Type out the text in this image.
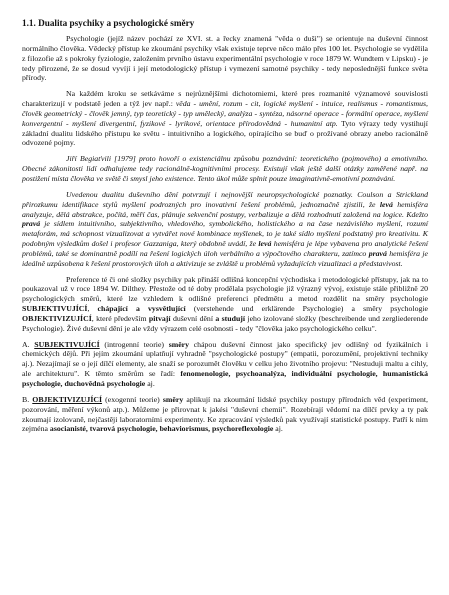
1.1. Dualita psychiky a psychologické směry

Psychologie (jejíž název pochází ze XVI. st. a řecky znamená "věda o duši") se orientuje na duševní činnost normálního člověka. Vědecký přístup ke zkoumání psychiky však existuje teprve něco málo přes 100 let. Psychologie se vydělila z filozofie až s pokroky fyziologie, založením prvního ústavu experimentální psychologie v roce 1879 W. Wundtem v Lipsku) - je tedy přirozené, že se dosud vyvíjí i její metodologický přístup i vymezení samotné psychiky - tedy neposlednější funkce světa přírody.

Na každém kroku se setkáváme s nejrůznějšími dichotomiemi, které pres rozmanité významové souvislosti charakterizují v podstatě jeden a týž jev např.: věda - umění, rozum - cit, logické myšlení - intuice, realismus - romantismus, člověk geometrický - člověk jemný, typ teoretický - typ umělecký, analýza - syntéza, násorné operace - formální operace, myšlení konvergentní - myšlení divergentní, fyzikové - lyrikové, orientace přírodovědná - humanitní atp. Tyto výrazy tedy vystihují základní dualitu lidského přístupu ke světu - intuitivního a logického, opírajícího se buď o prožívané obrazy anebo racionálně odvozené pojmy.

Jiří Begiaťvili [1979] proto hovoří o existenciálnu způsobu poznávání: teoretického (pojmového) a emotivního. Obecné zákonitosti lidí odhalujeme tedy racionálně-kognitivními procesy. Existují však ještě další otázky zaměřené např. na postižení místa člověka ve světě či smysl jeho existence. Tento úkol může splnit pouze imaginativně-emotivní poznávání.

Uvedenou dualitu duševního dění potvrzují i nejnovější neuropsychologické poznatky. Coulson a Strickland přirozkumu identifikace stylů myšlení podrozných pro inovativní řešení problémů, jednoznačně zjistili, že levá hemisféra analyzuje, dělá abstrakce, počítá, měří čas, plánuje sekvenční postupy, verbalizuje a dělá rozhodnutí založená na logice. Kdežto pravá je sídlem intuitivního, subjektivního, vhledového, symbolického, holistického a na čase nezávislého myšlení, rozumí metaforám, má schopnost vizualizovat a vytvářet nové kombinace myšlenek, to je také sídlo myšlení podstatný pro kreativitu. K podobným výsledkům došel i profesor Gazzaniga, který obdobně uvádí, že levá hemisféra je lépe vybavena pro analytické řešení problémů, také se dominantně podílí na řešení logických úloh verbálního a výpočtového charakteru, zatímco pravá hemisféra je ideálně uzpůsobena k řešení prostorových úloh a aktivizuje se zvláště u problémů vyžadujících vizualizaci a představivost.

Preference té či oné složky psychiky pak přináší odlišná koncepční východiska i metodologické přístupy, jak na to poukazoval už v roce 1894 W. Dilthey. Přestože od té doby prodělala psychologie již výrazný vývoj, existuje stále přibližně 20 psychologických směrů, které lze vzhledem k odlišné preferenci předmětu a metod rozdělit na směry psychologie SUBJEKTIVUJÍCÍ, chápající a vysvětlující (verstehende und erklärende Psychologie) a směry psychologie OBJEKTIVIZUJÍCÍ, které především pitvají duševní dění a studují jeho izolované složky (beschreibende und zergliederende Psychologie). Živé duševní dění je ale vždy výrazem celé osobnosti - tedy "člověka jako psychologického celku".

A. SUBJEKTIVUJÍCÍ (introgenní teorie) směry chápou duševní činnost jako specifický jev odlišný od fyzikálních i chemických dějů. Při jejím zkoumání uplatňují vyhradně "psychologické postupy" (empatii, porozumění, projektivní techniky aj.). Nezajímají se o její dílčí elementy, ale snaží se porozumět člověku v celku jeho životního projevu: "Nestuduji maltu a cihly, ale architekturu". K těmto směrům se řadí: fenomenologie, psychoanalýza, individuální psychologie, humanistická psychologie, duchovědná psychologie aj.

B. OBJEKTIVIZUJÍCÍ (exogenní teorie) směry aplikují na zkoumání lidské psychiky postupy přírodních věd (experiment, pozorování, měření výkonů atp.). Můžeme je přirovnat k jakési "duševní chemii". Rozebírají vědomí na dílčí prvky a ty pak zkoumají izolovaně, nejčastěji laboratorními experimenty. Ke zpracování výsledků pak využívají statistické postupy. Patří k nim zejména asocianisté, tvarová psychologie, behaviorismus, psychoreflexologie aj.
